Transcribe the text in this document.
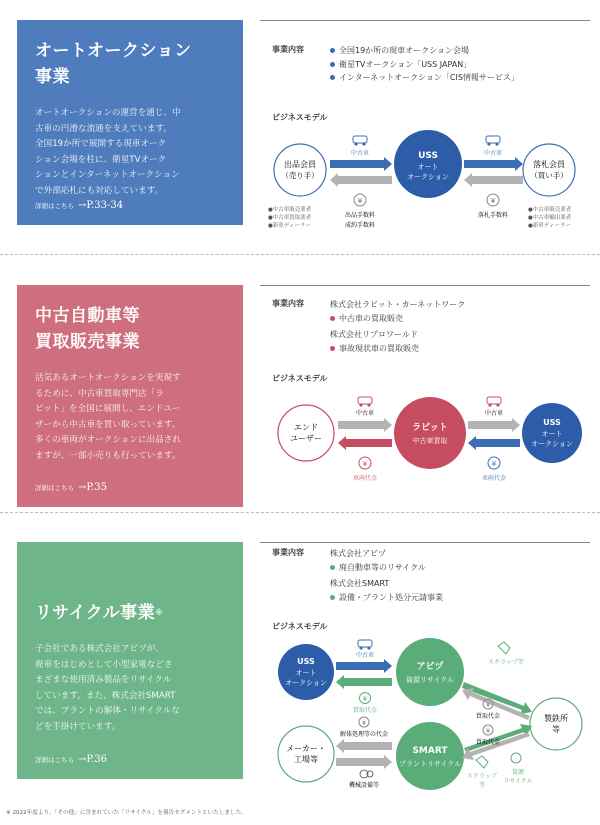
オートオークション
事業
オートオークションの運営を通じ、中
古車の円滑な流通を支えています。
全国19か所で展開する現車オーク
ション会場を柱に、衛星TVオーク
ションとインターネットオークション
で外部応札にも対応しています。
詳細はこちら →P.33-34
事業内容	全国19か所の現車オークション会場
衛星TVオークション「USS JAPAN」
インターネットオークション「CIS情報サービス」
ビジネスモデル
出品会員
（売り手）
USS
オート
オークション
落札会員
（買い手）
中古車	中古車
¥
出品手数料
成約手数料
¥
落札手数料
●中古車販売業者
●中古車買取業者
●新車ディーラー
●中古車販売業者
●中古車輸出業者
●新車ディーラー
中古自動車等
買取販売事業
活気あるオートオークションを実現す
るために、中古車買取専門店「ラ
ビット」を全国に展開し、エンドユー
ザーから中古車を買い取っています。
多くの車両がオークションに出品され
ますが、一部小売りも行っています。
詳細はこちら →P.35
事業内容	株式会社ラビット・カーネットワーク
中古車の買取販売
株式会社リプロワールド
事故現状車の買取販売
ビジネスモデル
エンド
ユーザー
ラビット
中古車買取
USS
オート
オークション
中古車	中古車
¥
車両代金
¥
車両代金
リサイクル事業※
子会社である株式会社アビヅが、
廃車をはじめとして小型家電などさ
まざまな使用済み製品をリサイクル
しています。また、株式会社SMART
では、プラントの解体・リサイクルな
どを手掛けています。
詳細はこちら →P.36
事業内容	株式会社アビヅ
廃自動車等のリサイクル
株式会社SMART
設備・プラント処分元請事業
ビジネスモデル
USS
オート
オークション
アビヅ
資源リサイクル
製鉄所
等
メーカー・
工場等
SMART
プラントリサイクル
中古車
¥
買取代金
スクラップ等
¥
買取代金
¥
買取代金
¥
解体処理等の代金
機械設備等
スクラップ
等
資源
リサイクル
※ 2022年度より、「その他」に含まれていた「リサイクル」を報告セグメントといたしました。
